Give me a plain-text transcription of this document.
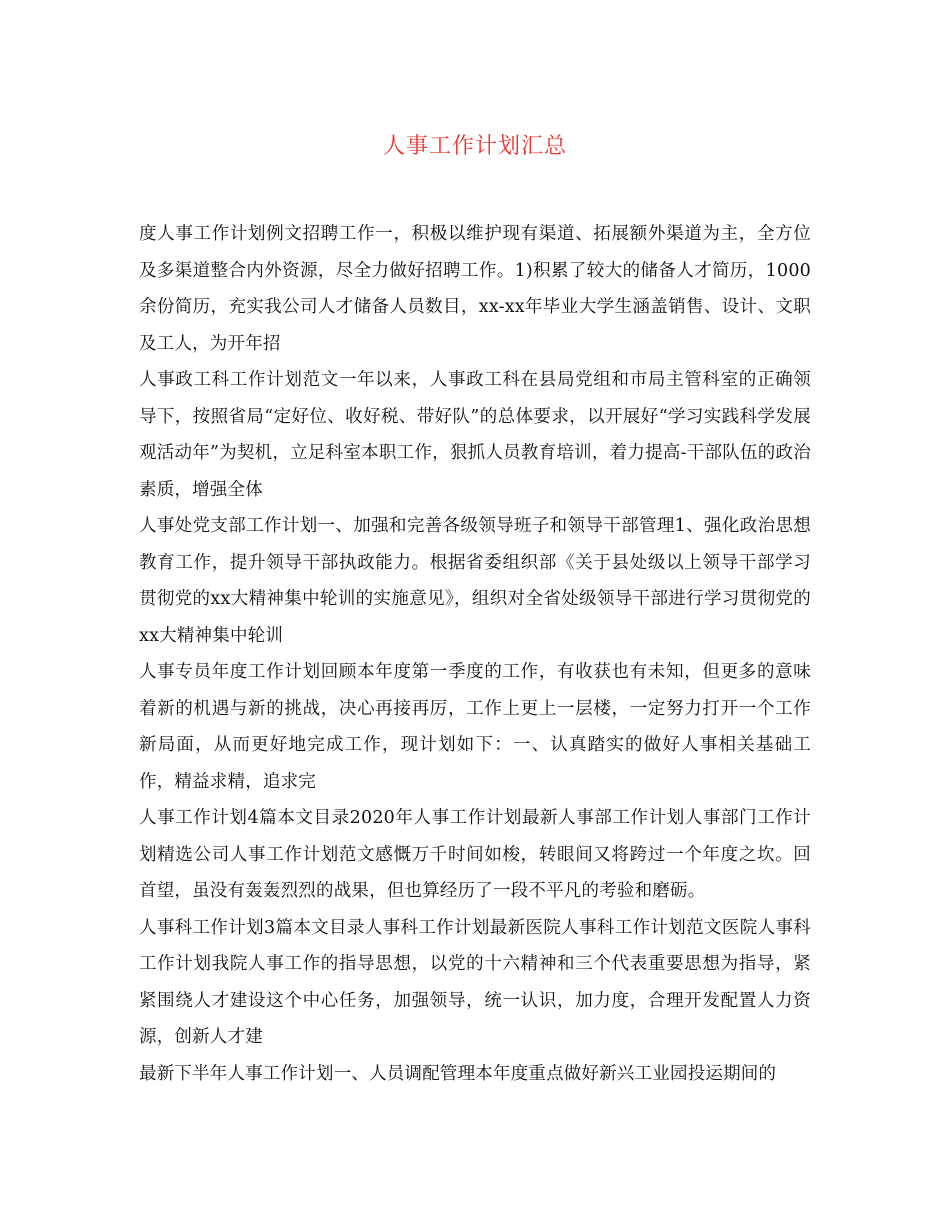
人事工作计划汇总

度人事工作计划例文招聘工作一，积极以维护现有渠道、拓展额外渠道为主，全方位及多渠道整合内外资源，尽全力做好招聘工作。1)积累了较大的储备人才简历，1000余份简历，充实我公司人才储备人员数目，xx-xx年毕业大学生涵盖销售、设计、文职及工人，为开年招

人事政工科工作计划范文一年以来，人事政工科在县局党组和市局主管科室的正确领导下，按照省局“定好位、收好税、带好队”的总体要求，以开展好“学习实践科学发展观活动年”为契机，立足科室本职工作，狠抓人员教育培训，着力提高-干部队伍的政治素质，增强全体

人事处党支部工作计划一、加强和完善各级领导班子和领导干部管理1、强化政治思想教育工作，提升领导干部执政能力。根据省委组织部《关于县处级以上领导干部学习贯彻党的xx大精神集中轮训的实施意见》，组织对全省处级领导干部进行学习贯彻党的xx大精神集中轮训

人事专员年度工作计划回顾本年度第一季度的工作，有收获也有未知，但更多的意味着新的机遇与新的挑战，决心再接再厉，工作上更上一层楼，一定努力打开一个工作新局面，从而更好地完成工作，现计划如下：一、认真踏实的做好人事相关基础工作，精益求精，追求完

人事工作计划4篇本文目录2020年人事工作计划最新人事部工作计划人事部门工作计划精选公司人事工作计划范文感慨万千时间如梭，转眼间又将跨过一个年度之坎。回首望，虽没有轰轰烈烈的战果，但也算经历了一段不平凡的考验和磨砺。

人事科工作计划3篇本文目录人事科工作计划最新医院人事科工作计划范文医院人事科工作计划我院人事工作的指导思想，以党的十六精神和三个代表重要思想为指导，紧紧围绕人才建设这个中心任务，加强领导，统一认识，加力度，合理开发配置人力资源，创新人才建

最新下半年人事工作计划一、人员调配管理本年度重点做好新兴工业园投运期间的
